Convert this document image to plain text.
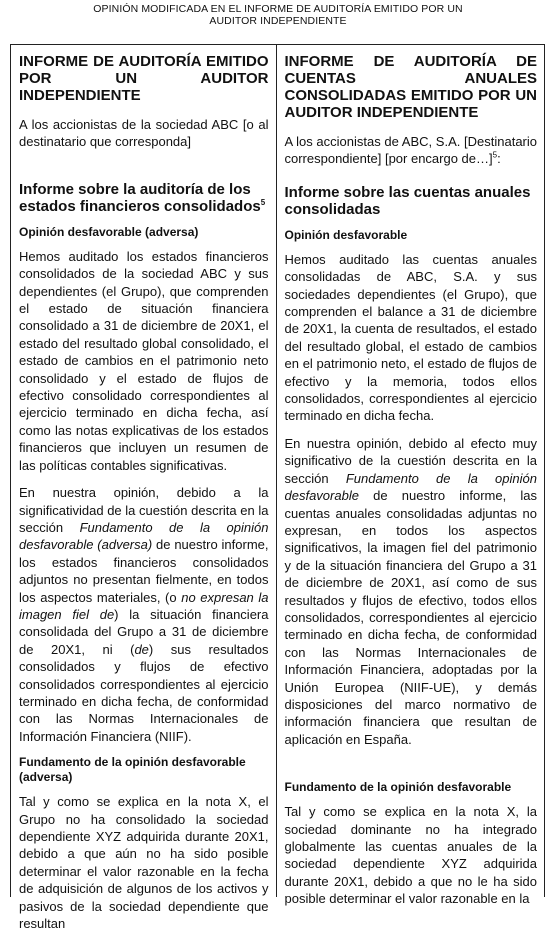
OPINIÓN MODIFICADA EN EL INFORME DE AUDITORÍA EMITIDO POR UN
AUDITOR INDEPENDIENTE
INFORME DE AUDITORÍA EMITIDO POR UN AUDITOR INDEPENDIENTE

A los accionistas de la sociedad ABC [o al destinatario que corresponda]

Informe sobre la auditoría de los estados financieros consolidados$^5$
Opinión desfavorable (adversa)

Hemos auditado los estados financieros consolidados de la sociedad ABC y sus dependientes (el Grupo), que comprenden el estado de situación financiera consolidado a 31 de diciembre de 20X1, el estado del resultado global consolidado, el estado de cambios en el patrimonio neto consolidado y el estado de flujos de efectivo consolidado correspondientes al ejercicio terminado en dicha fecha, así como las notas explicativas de los estados financieros que incluyen un resumen de las políticas contables significativas.

En nuestra opinión, debido a la significatividad de la cuestión descrita en la sección Fundamento de la opinión desfavorable (adversa) de nuestro informe, los estados financieros consolidados adjuntos no presentan fielmente, en todos los aspectos materiales, (o no expresan la imagen fiel de) la situación financiera consolidada del Grupo a 31 de diciembre de 20X1, ni (de) sus resultados consolidados y flujos de efectivo consolidados correspondientes al ejercicio terminado en dicha fecha, de conformidad con las Normas Internacionales de Información Financiera (NIIF).

Fundamento de la opinión desfavorable (adversa)

Tal y como se explica en la nota X, el Grupo no ha consolidado la sociedad dependiente XYZ adquirida durante 20X1, debido a que aún no ha sido posible determinar el valor razonable en la fecha de adquisición de algunos de los activos y pasivos de la sociedad dependiente que resultan

INFORME DE AUDITORÍA DE CUENTAS ANUALES CONSOLIDADAS EMITIDO POR UN AUDITOR INDEPENDIENTE

A los accionistas de ABC, S.A. [Destinatario correspondiente] [por encargo de…]$^5$:

Informe sobre las cuentas anuales consolidadas
Opinión desfavorable

Hemos auditado las cuentas anuales consolidadas de ABC, S.A. y sus sociedades dependientes (el Grupo), que comprenden el balance a 31 de diciembre de 20X1, la cuenta de resultados, el estado del resultado global, el estado de cambios en el patrimonio neto, el estado de flujos de efectivo y la memoria, todos ellos consolidados, correspondientes al ejercicio terminado en dicha fecha.

En nuestra opinión, debido al efecto muy significativo de la cuestión descrita en la sección Fundamento de la opinión desfavorable de nuestro informe, las cuentas anuales consolidadas adjuntas no expresan, en todos los aspectos significativos, la imagen fiel del patrimonio y de la situación financiera del Grupo a 31 de diciembre de 20X1, así como de sus resultados y flujos de efectivo, todos ellos consolidados, correspondientes al ejercicio terminado en dicha fecha, de conformidad con las Normas Internacionales de Información Financiera, adoptadas por la Unión Europea (NIIF-UE), y demás disposiciones del marco normativo de información financiera que resultan de aplicación en España.

Fundamento de la opinión desfavorable

Tal y como se explica en la nota X, la sociedad dominante no ha integrado globalmente las cuentas anuales de la sociedad dependiente XYZ adquirida durante 20X1, debido a que no le ha sido posible determinar el valor razonable en la
